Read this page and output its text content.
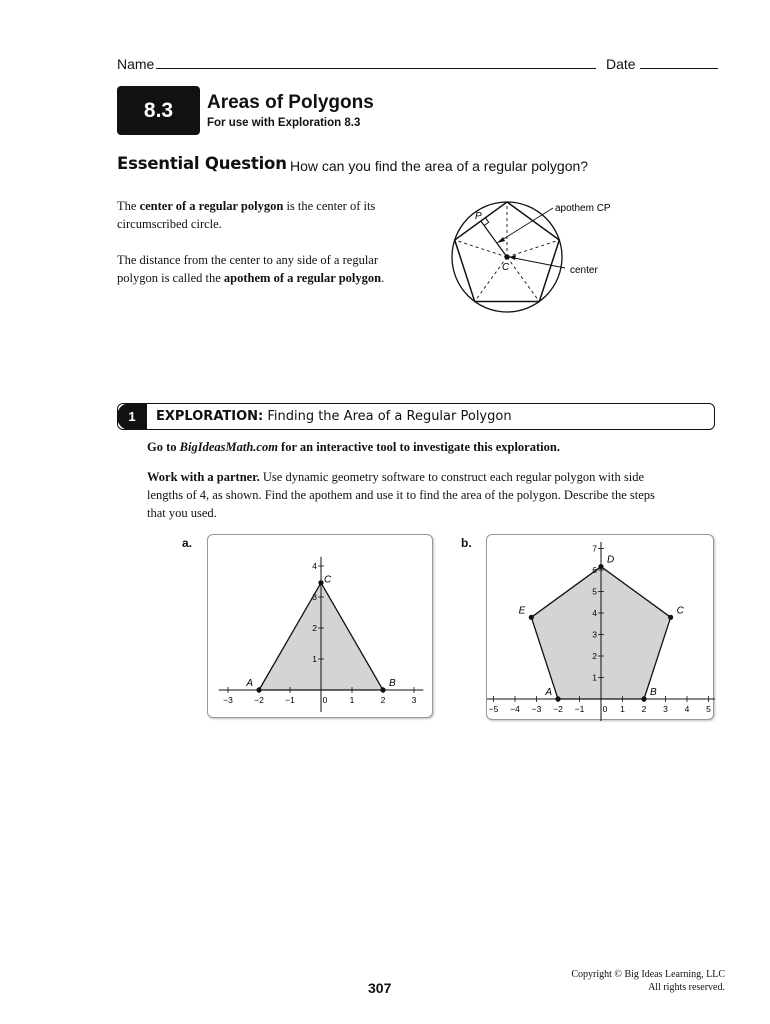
Name	Date
8.3	Areas of Polygons
For use with Exploration 8.3
Essential Question How can you find the area of a regular polygon?
The center of a regular polygon is the center of its circumscribed circle.
The distance from the center to any side of a regular polygon is called the apothem of a regular polygon.
P
C
apothem CP
center
1	EXPLORATION: Finding the Area of a Regular Polygon
Go to BigIdeasMath.com for an interactive tool to investigate this exploration.
Work with a partner. Use dynamic geometry software to construct each regular polygon with side lengths of 4, as shown. Find the apothem and use it to find the area of the polygon. Describe the steps that you used.
a.
−3	−2	−1	0	1	2	3
1
2
3
4
A	B
C
b.
−5 −4 −3 −2 −1 0 1 2 3 4 5
1
2
3
4
5
6
7
A	B
C
D
E
307
Copyright © Big Ideas Learning, LLC
All rights reserved.
